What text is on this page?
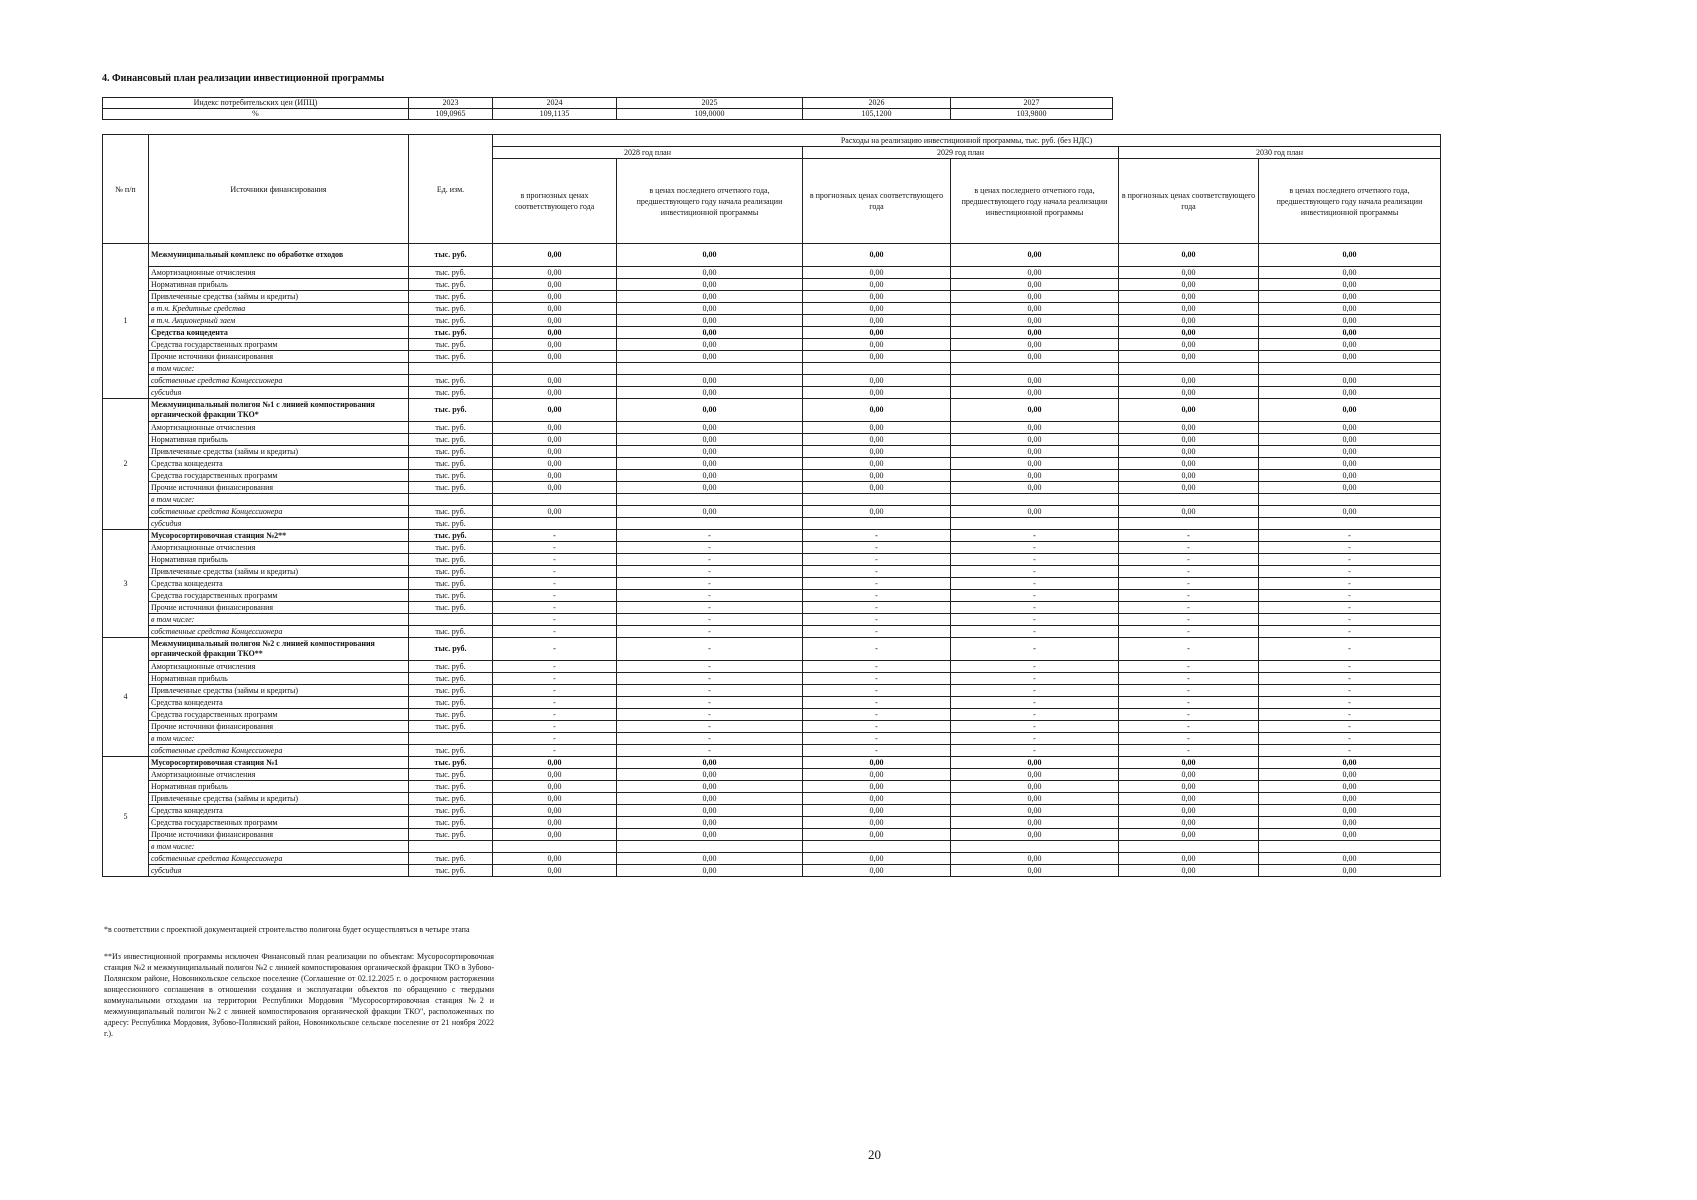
4. Финансовый план реализации инвестиционной программы
Индекс потребительских цен (ИПЦ)	2023	2024	2025	2026	2027
%	109,0965	109,1135	109,0000	105,1200	103,9800
№ п/п	Источники финансирования	Ед. изм.	Расходы на реализацию инвестиционной программы, тыс. руб. (без НДС)					
			2028 год план		2029 год план		2030 год план	
			в прогнозных ценах соответствующего года	в ценах последнего отчетного года, предшествующего году начала реализации инвестиционной программы	в прогнозных ценах соответствующего года	в ценах последнего отчетного года, предшествующего году начала реализации инвестиционной программы	в прогнозных ценах соответствующего года	в ценах последнего отчетного года, предшествующего году начала реализации инвестиционной программы
1	Межмуниципальный комплекс по обработке отходов	тыс. руб.	0,00	0,00	0,00	0,00	0,00	0,00
	Амортизационные отчисления	тыс. руб.	0,00	0,00	0,00	0,00	0,00	0,00
	Нормативная прибыль	тыс. руб.	0,00	0,00	0,00	0,00	0,00	0,00
	Привлеченные средства (займы и кредиты)	тыс. руб.	0,00	0,00	0,00	0,00	0,00	0,00
	в т.ч. Кредитные средства	тыс. руб.	0,00	0,00	0,00	0,00	0,00	0,00
	в т.ч. Акционерный заем	тыс. руб.	0,00	0,00	0,00	0,00	0,00	0,00
	Средства концедента	тыс. руб.	0,00	0,00	0,00	0,00	0,00	0,00
	Средства государственных программ	тыс. руб.	0,00	0,00	0,00	0,00	0,00	0,00
	Прочие источники финансирования	тыс. руб.	0,00	0,00	0,00	0,00	0,00	0,00
	в том числе:							
	собственные средства Концессионера	тыс. руб.	0,00	0,00	0,00	0,00	0,00	0,00
	субсидия	тыс. руб.	0,00	0,00	0,00	0,00	0,00	0,00
2	Межмуниципальный полигон №1 с линией компостирования органической фракции ТКО*	тыс. руб.	0,00	0,00	0,00	0,00	0,00	0,00
	Амортизационные отчисления	тыс. руб.	0,00	0,00	0,00	0,00	0,00	0,00
	Нормативная прибыль	тыс. руб.	0,00	0,00	0,00	0,00	0,00	0,00
	Привлеченные средства (займы и кредиты)	тыс. руб.	0,00	0,00	0,00	0,00	0,00	0,00
	Средства концедента	тыс. руб.	0,00	0,00	0,00	0,00	0,00	0,00
	Средства государственных программ	тыс. руб.	0,00	0,00	0,00	0,00	0,00	0,00
	Прочие источники финансирования	тыс. руб.	0,00	0,00	0,00	0,00	0,00	0,00
	в том числе:							
	собственные средства Концессионера	тыс. руб.	0,00	0,00	0,00	0,00	0,00	0,00
	субсидия	тыс. руб.						
3	Мусоросортировочная станция №2**	тыс. руб.	-	-	-	-	-	-
	Амортизационные отчисления	тыс. руб.	-	-	-	-	-	-
	Нормативная прибыль	тыс. руб.	-	-	-	-	-	-
	Привлеченные средства (займы и кредиты)	тыс. руб.	-	-	-	-	-	-
	Средства концедента	тыс. руб.	-	-	-	-	-	-
	Средства государственных программ	тыс. руб.	-	-	-	-	-	-
	Прочие источники финансирования	тыс. руб.	-	-	-	-	-	-
	в том числе:		-	-	-	-	-	-
	собственные средства Концессионера	тыс. руб.	-	-	-	-	-	-
4	Межмуниципальный полигон №2 с линией компостирования органической фракции ТКО**	тыс. руб.	-	-	-	-	-	-
	Амортизационные отчисления	тыс. руб.	-	-	-	-	-	-
	Нормативная прибыль	тыс. руб.	-	-	-	-	-	-
	Привлеченные средства (займы и кредиты)	тыс. руб.	-	-	-	-	-	-
	Средства концедента	тыс. руб.	-	-	-	-	-	-
	Средства государственных программ	тыс. руб.	-	-	-	-	-	-
	Прочие источники финансирования	тыс. руб.	-	-	-	-	-	-
	в том числе:		-	-	-	-	-	-
	собственные средства Концессионера	тыс. руб.	-	-	-	-	-	-
5	Мусоросортировочная станция №1	тыс. руб.	0,00	0,00	0,00	0,00	0,00	0,00
	Амортизационные отчисления	тыс. руб.	0,00	0,00	0,00	0,00	0,00	0,00
	Нормативная прибыль	тыс. руб.	0,00	0,00	0,00	0,00	0,00	0,00
	Привлеченные средства (займы и кредиты)	тыс. руб.	0,00	0,00	0,00	0,00	0,00	0,00
	Средства концедента	тыс. руб.	0,00	0,00	0,00	0,00	0,00	0,00
	Средства государственных программ	тыс. руб.	0,00	0,00	0,00	0,00	0,00	0,00
	Прочие источники финансирования	тыс. руб.	0,00	0,00	0,00	0,00	0,00	0,00
	в том числе:							
	собственные средства Концессионера	тыс. руб.	0,00	0,00	0,00	0,00	0,00	0,00
	субсидия	тыс. руб.	0,00	0,00	0,00	0,00	0,00	0,00
*в соответствии с проектной документацией строительство полигона будет осуществляться в четыре этапа
**Из инвестиционной программы исключен Финансовый план реализации по объектам: Мусоросортировочная станция №2 и межмуниципальный полигон №2 с линией компостирования органической фракции ТКО в Зубово-Полянском районе, Новоникольское сельское поселение (Соглашение от 02.12.2025 г. о досрочном расторжении концессионного соглашения в отношении создания и эксплуатации объектов по обращению с твердыми коммунальными отходами на территории Республики Мордовия "Мусоросортировочная станция №2 и межмуниципальный полигон №2 с линией компостирования органической фракции ТКО", расположенных по адресу: Республика Мордовия, Зубово-Полянский район, Новоникольское сельское поселение от 21 ноября 2022 г.).
20
